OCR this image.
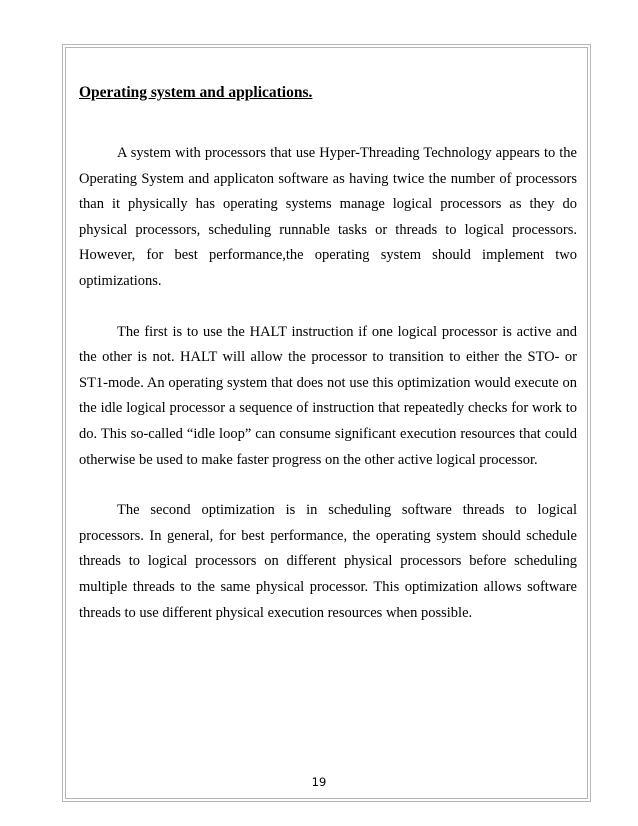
Operating system and applications.

A system with processors that use Hyper-Threading Technology appears to the Operating System and applicaton software as having twice the number of processors than it physically has operating systems manage logical processors as they do physical processors, scheduling runnable tasks or threads to logical processors. However, for best performance,the operating system should implement two optimizations.

The first is to use the HALT instruction if one logical processor is active and the other is not. HALT will allow the processor to transition to either the STO- or ST1-mode. An operating system that does not use this optimization would execute on the idle logical processor a sequence of instruction that repeatedly checks for work to do. This so-called “idle loop” can consume significant execution resources that could otherwise be used to make faster progress on the other active logical processor.

The second optimization is in scheduling software threads to logical processors. In general, for best performance, the operating system should schedule threads to logical processors on different physical processors before scheduling multiple threads to the same physical processor. This optimization allows software threads to use different physical execution resources when possible.

19
